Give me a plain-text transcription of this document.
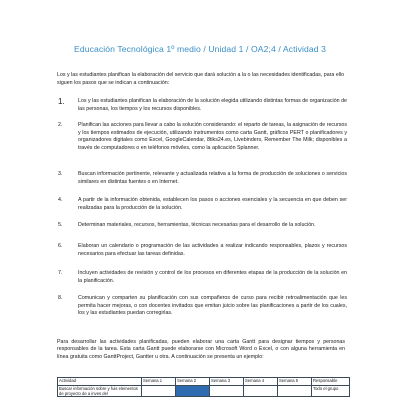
Educación Tecnológica 1º medio / Unidad 1 / OA2;4 / Actividad 3
Los y las estudiantes planifican la elaboración del servicio que dará solución a la o las necesidades identificadas, para ello siguen los pasos que se indican a continuación:
1.	Los y las estudiantes planifican la elaboración de la solución elegida utilizando distintas formas de organización de las personas, los tiempos y los recursos disponibles.
2.	Planifican las acciones para llevar a cabo la solución considerando: el reparto de tareas, la asignación de recursos y los tiempos estimados de ejecución, utilizando instrumentos como carta Gantt, gráficos PERT o planificadores y organizadores digitales como Excel, GoogleCalendar, 8tiks24.es, Livebinders, Remember The Milk; disponibles a través de computadores o en teléfonos móviles, como la aplicación Splanner.
3.	Buscan información pertinente, relevante y actualizada relativa a la forma de producción de soluciones o servicios similares en distintas fuentes o en Internet.
4.	A partir de la información obtenida, establecen los pasos o acciones esenciales y la secuencia en que deben ser realizadas para la producción de la solución.
5.	Determinan materiales, recursos, herramientas, técnicas necesarias para el desarrollo de la solución.
6.	Elaboran un calendario o programación de las actividades a realizar indicando responsables, plazos y recursos necesarios para efectuar las tareas definidas.
7.	Incluyen actividades de revisión y control de los procesos en diferentes etapas de la producción de la solución en la planificación.
8.	Comunican y comparten su planificación con sus compañeros de curso para recibir retroalimentación que les permita hacer mejoras, o con docentes invitados que emitan juicio sobre las planificaciones a partir de los cuales, los y las estudiantes puedan corregirlas.
Para desarrollar las actividades planificadas, pueden elaborar una carta Gantt para designar tiempos y personas responsables de la tarea. Esta carta Gantt puede elaborarse con Microsoft Word o Excel, o con alguna herramienta en línea gratuita como GanttProject, Gantter u otra. A continuación se presenta un ejemplo:
Actividad	Semana 1	Semana 2	Semana 3	Semana 4	Semana 5	Responsable
Buscar información sobre y fuis elementos de proyecto de a inves del						Todo el grupo
